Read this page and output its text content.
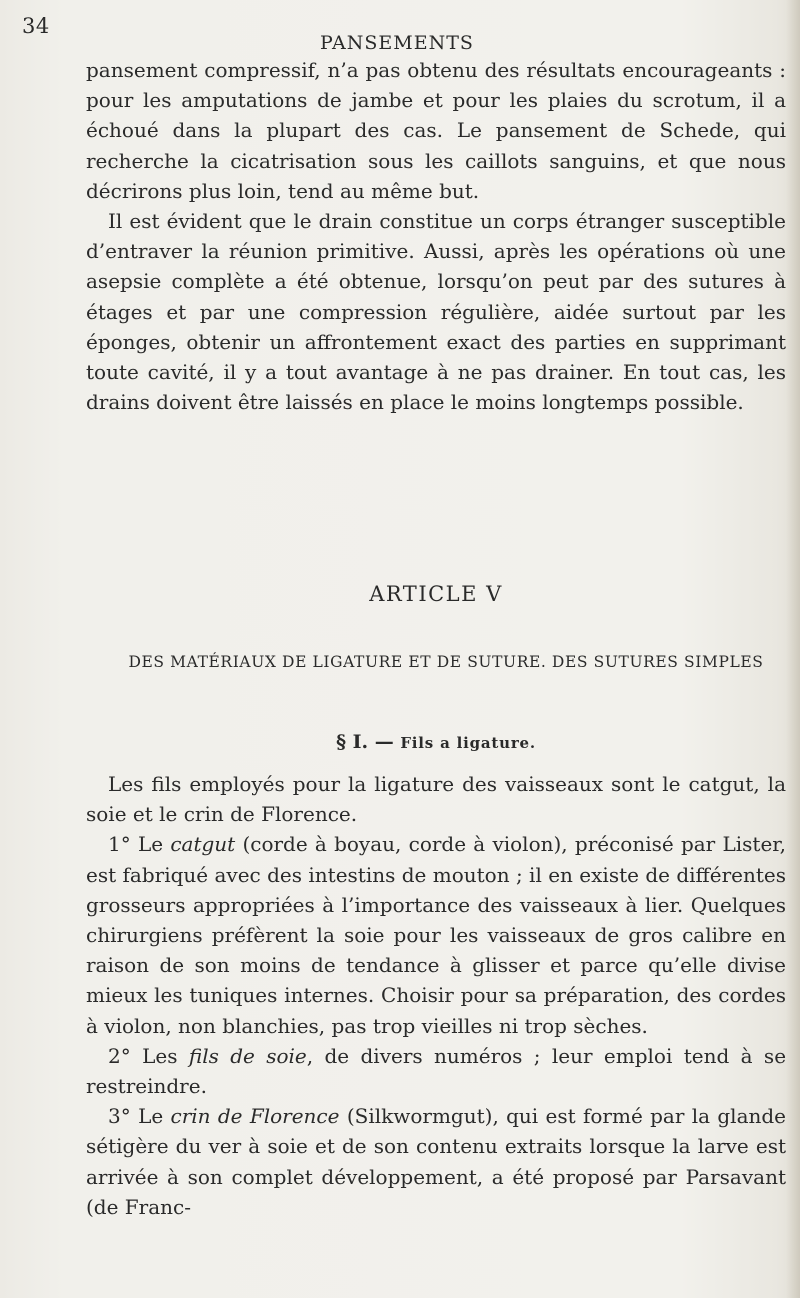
34
PANSEMENTS

pansement compressif, n’a pas obtenu des résultats encourageants : pour les amputations de jambe et pour les plaies du scrotum, il a échoué dans la plupart des cas. Le pansement de Schede, qui recherche la cicatrisation sous les caillots sanguins, et que nous décrirons plus loin, tend au même but.

Il est évident que le drain constitue un corps étranger susceptible d’entraver la réunion primitive. Aussi, après les opérations où une asepsie complète a été obtenue, lorsqu’on peut par des sutures à étages et par une compression régulière, aidée surtout par les éponges, obtenir un affrontement exact des parties en supprimant toute cavité, il y a tout avantage à ne pas drainer. En tout cas, les drains doivent être laissés en place le moins longtemps possible.

ARTICLE V
DES MATÉRIAUX DE LIGATURE ET DE SUTURE. DES SUTURES SIMPLES
§ I. — Fils a ligature.

Les fils employés pour la ligature des vaisseaux sont le catgut, la soie et le crin de Florence.

1° Le catgut (corde à boyau, corde à violon), préconisé par Lister, est fabriqué avec des intestins de mouton ; il en existe de différentes grosseurs appropriées à l’importance des vaisseaux à lier. Quelques chirurgiens préfèrent la soie pour les vaisseaux de gros calibre en raison de son moins de tendance à glisser et parce qu’elle divise mieux les tuniques internes. Choisir pour sa préparation, des cordes à violon, non blanchies, pas trop vieilles ni trop sèches.

2° Les fils de soie, de divers numéros ; leur emploi tend à se restreindre.

3° Le crin de Florence (Silkwormgut), qui est formé par la glande sétigère du ver à soie et de son contenu extraits lorsque la larve est arrivée à son complet développement, a été proposé par Parsavant (de Franc-
